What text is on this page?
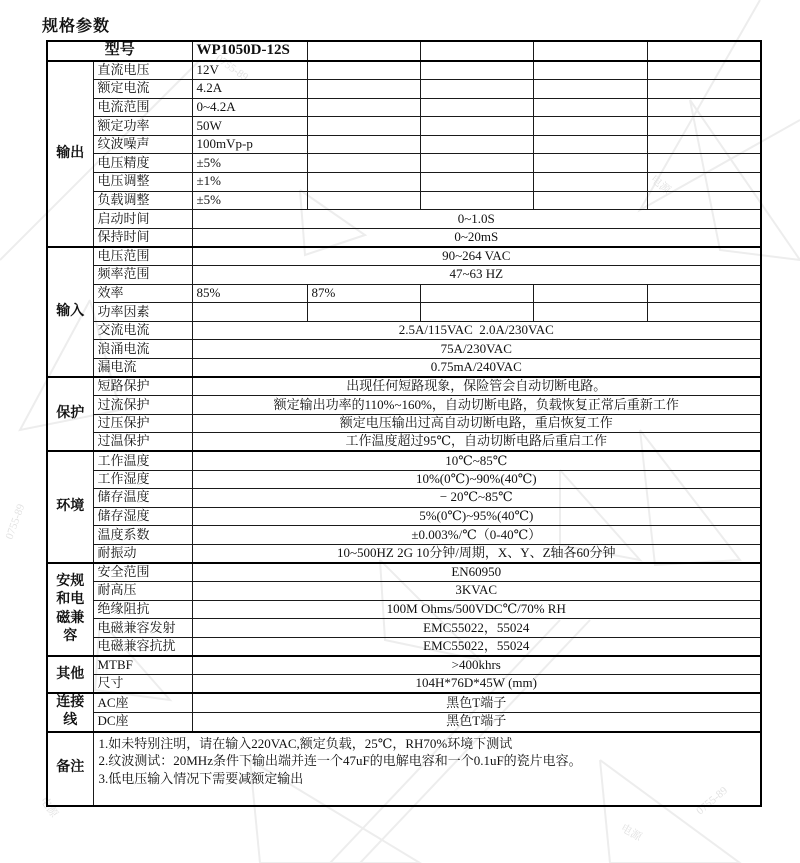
0755-89
0755-89
0755-89
电源
电源
电源
规格参数
型号		WP1050D-12S				
输出	直流电压	12V				
	额定电流	4.2A				
	电流范围	0~4.2A				
	额定功率	50W				
	纹波噪声	100mVp-p				
	电压精度	±5%				
	电压调整	±1%				
	负载调整	±5%				
	启动时间	0~1.0S				
	保持时间	0~20mS				
输入	电压范围	90~264 VAC				
	频率范围	47~63 HZ				
	效率	85%	87%			
	功率因素					
	交流电流	2.5A/115VAC  2.0A/230VAC				
	浪涌电流	75A/230VAC				
	漏电流	0.75mA/240VAC				
保护	短路保护	出现任何短路现象，保险管会自动切断电路。				
	过流保护	额定输出功率的110%~160%，自动切断电路，负载恢复正常后重新工作				
	过压保护	额定电压输出过高自动切断电路，重启恢复工作				
	过温保护	工作温度超过95℃，自动切断电路后重启工作				
环境	工作温度	10℃~85℃				
	工作湿度	10%(0℃)~90%(40℃)				
	储存温度	− 20℃~85℃				
	储存湿度	5%(0℃)~95%(40℃)				
	温度系数	±0.003%/℃（0-40℃）				
	耐振动	10~500HZ 2G 10分钟/周期，X、Y、Z轴各60分钟				
安规和电磁兼容	安全范围	EN60950				
	耐高压	3KVAC				
	绝缘阻抗	100M Ohms/500VDC℃/70% RH				
	电磁兼容发射	EMC55022，55024				
	电磁兼容抗扰	EMC55022，55024				
其他	MTBF	>400khrs				
	尺寸	104H*76D*45W (mm)				
连接线	AC座	黑色T端子				
	DC座	黑色T端子				
备注	1.如未特别注明，请在输入220VAC,额定负载，25℃，RH70%环境下测试
2.纹波测试：20MHz条件下输出端并连一个47uF的电解电容和一个0.1uF的瓷片电容。
3.低电压输入情况下需要减额定输出					
